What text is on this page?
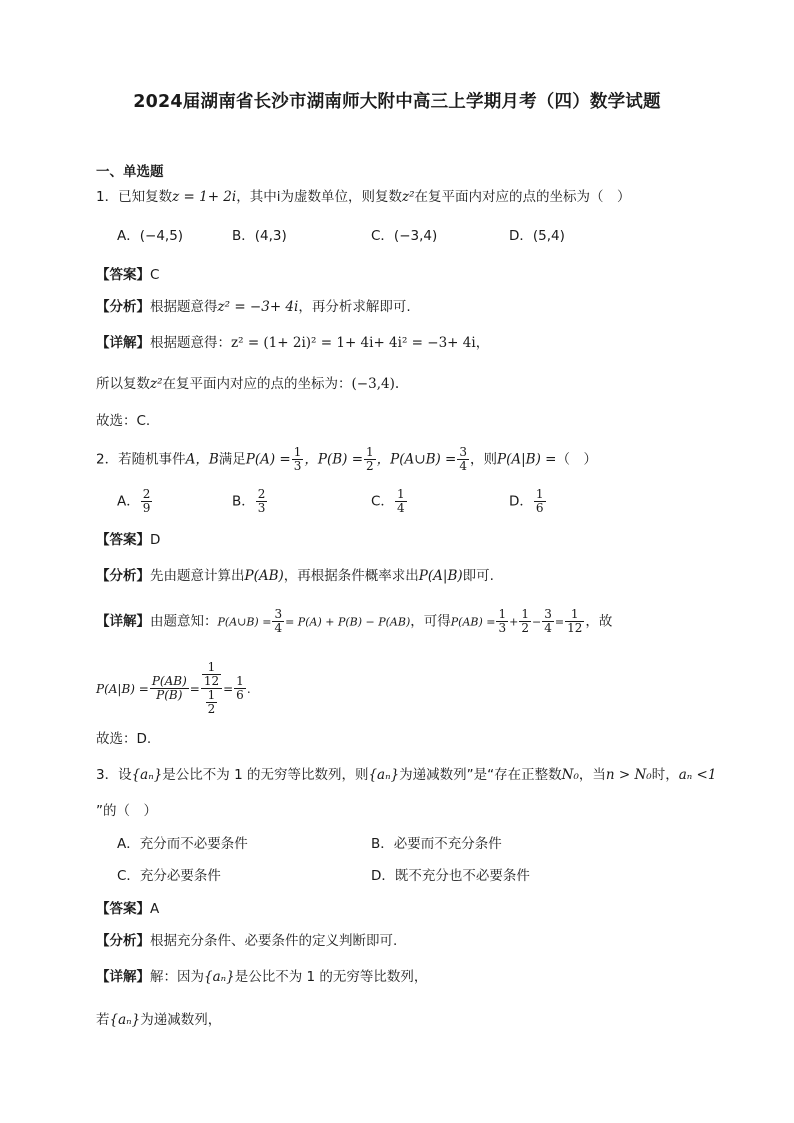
2024届湖南省长沙市湖南师大附中高三上学期月考（四）数学试题
一、单选题
1．已知复数z = 1+ 2i，其中i为虚数单位，则复数z²在复平面内对应的点的坐标为（　）
A．(−4,5)	B．(4,3)	C．(−3,4)	D．(5,4)
【答案】C
【分析】根据题意得z² = −3+ 4i，再分析求解即可.
【详解】根据题意得：z² = (1+ 2i)² = 1+ 4i+ 4i² = −3+ 4i，
所以复数z²在复平面内对应的点的坐标为：(−3,4).
故选：C.
2．若随机事件A，B满足$P(A) = \frac{1}{3}$ ，$P(B) = \frac{1}{2}$ ，P(A∪B) = $\frac{3}{4}$ ，则P(A|B) =（　）
A． $\frac{2}{9}$	B． $\frac{2}{3}$	C． $\frac{1}{4}$	D． $\frac{1}{6}$
【答案】D
【分析】先由题意计算出P(AB)，再根据条件概率求出P(A|B)即可.
【详解】由题意知：P(A∪B) = $\frac{3}{4} = P(A) + P(B) - P(AB)$，可得$P(AB) = \frac{1}{3} + \frac{1}{2} - \frac{3}{4} = \frac{1}{12}$ ，故
$P(A|B) = \frac{P(AB)}{P(B)} = \frac{\frac{1}{12}}{\frac{1}{2}} = \frac{1}{6}$ .
故选：D.
3．设{aₙ}是公比不为 1 的无穷等比数列，则{aₙ}为递减数列”是“存在正整数N₀，当n > N₀时，aₙ <1
”的（　）
A．充分而不必要条件	B．必要而不充分条件
C．充分必要条件	D．既不充分也不必要条件
【答案】A
【分析】根据充分条件、必要条件的定义判断即可.
【详解】解：因为{aₙ}是公比不为 1 的无穷等比数列，
若{aₙ}为递减数列，
